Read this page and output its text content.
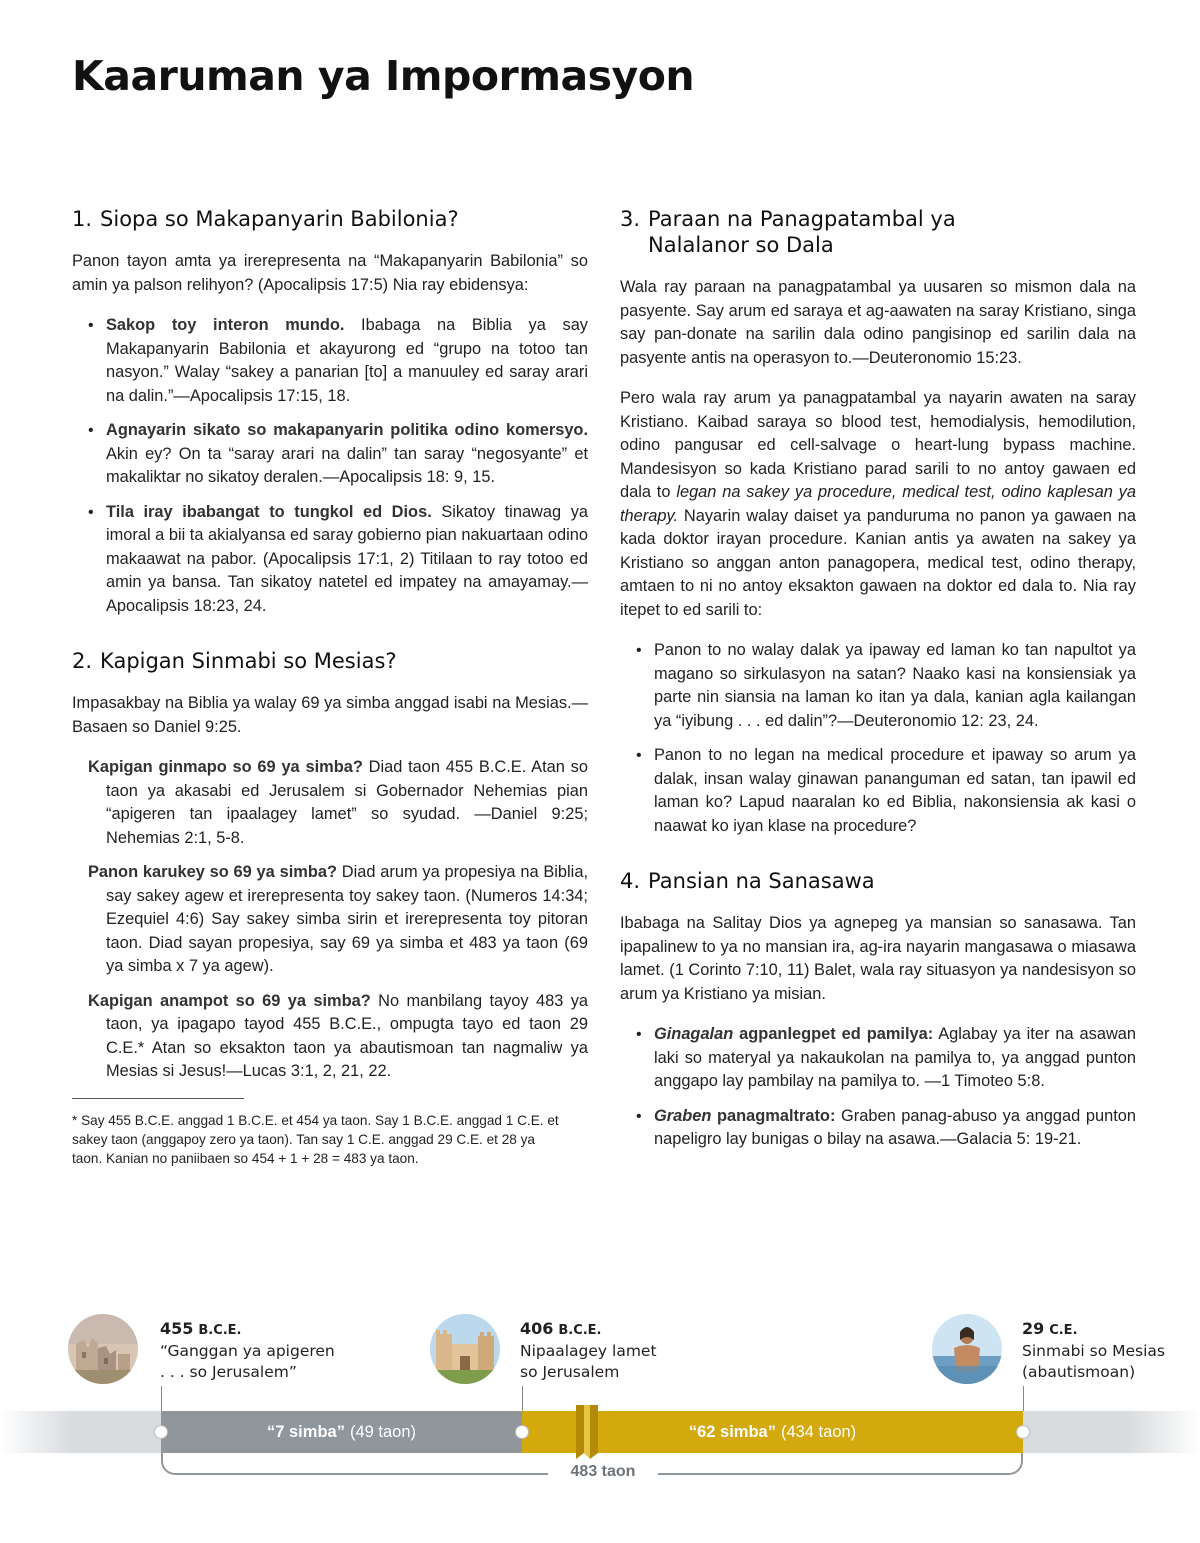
Kaaruman ya Impormasyon
1. Siopa so Makapanyarin Babilonia?

Panon tayon amta ya irerepresenta na “Makapanyarin Babilonia” so amin ya palson relihyon? (Apocalipsis 17:5) Nia ray ebidensya:

• Sakop toy interon mundo. Ibabaga na Biblia ya say Makapanyarin Babilonia et akayurong ed “grupo na totoo tan nasyon.” Walay “sakey a panarian [to] a manuuley ed saray arari na dalin.”—Apocalipsis 17:15, 18.
• Agnayarin sikato so makapanyarin politika odino komersyo. Akin ey? On ta “saray arari na dalin” tan saray “negosyante” et makaliktar no sikatoy deralen.—Apocalipsis 18: 9, 15.
• Tila iray ibabangat to tungkol ed Dios. Sikatoy tinawag ya imoral a bii ta akialyansa ed saray gobierno pian nakuartaan odino makaawat na pabor. (Apocalipsis 17:1, 2) Titilaan to ray totoo ed amin ya bansa. Tan sikatoy natetel ed impatey na amayamay.—Apocalipsis 18:23, 24.
2. Kapigan Sinmabi so Mesias?

Impasakbay na Biblia ya walay 69 ya simba anggad isabi na Mesias.—Basaen so Daniel 9:25.

Kapigan ginmapo so 69 ya simba? Diad taon 455 B.C.E. Atan so taon ya akasabi ed Jerusalem si Gobernador Nehemias pian “apigeren tan ipaalagey lamet” so syudad. —Daniel 9:25; Nehemias 2:1, 5-8.

Panon karukey so 69 ya simba? Diad arum ya propesiya na Biblia, say sakey agew et irerepresenta toy sakey taon. (Numeros 14:34; Ezequiel 4:6) Say sakey simba sirin et irerepresenta toy pitoran taon. Diad sayan propesiya, say 69 ya simba et 483 ya taon (69 ya simba x 7 ya agew).

Kapigan anampot so 69 ya simba? No manbilang tayoy 483 ya taon, ya ipagapo tayod 455 B.C.E., ompugta tayo ed taon 29 C.E.* Atan so eksakton taon ya abautismoan tan nagmaliw ya Mesias si Jesus!—Lucas 3:1, 2, 21, 22.

* Say 455 B.C.E. anggad 1 B.C.E. et 454 ya taon. Say 1 B.C.E. anggad 1 C.E. et sakey taon (anggapoy zero ya taon). Tan say 1 C.E. anggad 29 C.E. et 28 ya taon. Kanian no paniibaen so 454 + 1 + 28 = 483 ya taon.

3. Paraan na Panagpatambal ya Nalalanor so Dala

Wala ray paraan na panagpatambal ya uusaren so mismon dala na pasyente. Say arum ed saraya et ag-aawaten na saray Kristiano, singa say pan-donate na sarilin dala odino pangisinop ed sarilin dala na pasyente antis na operasyon to.—Deuteronomio 15:23.

Pero wala ray arum ya panagpatambal ya nayarin awaten na saray Kristiano. Kaibad saraya so blood test, hemodialysis, hemodilution, odino pangusar ed cell-salvage o heart-lung bypass machine. Mandesisyon so kada Kristiano parad sarili to no antoy gawaen ed dala to legan na sakey ya procedure, medical test, odino kaplesan ya therapy. Nayarin walay daiset ya panduruma no panon ya gawaen na kada doktor irayan procedure. Kanian antis ya awaten na sakey ya Kristiano so anggan anton panagopera, medical test, odino therapy, amtaen to ni no antoy eksakton gawaen na doktor ed dala to. Nia ray itepet to ed sarili to:

• Panon to no walay dalak ya ipaway ed laman ko tan napultot ya magano so sirkulasyon na satan? Naako kasi na konsiensiak ya parte nin siansia na laman ko itan ya dala, kanian agla kailangan ya “iyibung . . . ed dalin”?—Deuteronomio 12: 23, 24.
• Panon to no legan na medical procedure et ipaway so arum ya dalak, insan walay ginawan pananguman ed satan, tan ipawil ed laman ko? Lapud naaralan ko ed Biblia, nakonsiensia ak kasi o naawat ko iyan klase na procedure?
4. Pansian na Sanasawa

Ibabaga na Salitay Dios ya agnepeg ya mansian so sanasawa. Tan ipapalinew to ya no mansian ira, ag-ira nayarin mangasawa o miasawa lamet. (1 Corinto 7:10, 11) Balet, wala ray situasyon ya nandesisyon so arum ya Kristiano ya misian.

• Ginagalan agpanlegpet ed pamilya: Aglabay ya iter na asawan laki so materyal ya nakaukolan na pamilya to, ya anggad punton anggapo lay pambilay na pamilya to. —1 Timoteo 5:8.
• Graben panagmaltrato: Graben panag-abuso ya anggad punton napeligro lay bunigas o bilay na asawa.—Galacia 5: 19-21.
455 B.C.E.
“Ganggan ya apigeren
. . . so Jerusalem”
406 B.C.E.
Nipaalagey lamet
so Jerusalem
29 C.E.
Sinmabi so Mesias
(abautismoan)
“7 simba” (49 taon)	“62 simba” (434 taon)
483 taon
